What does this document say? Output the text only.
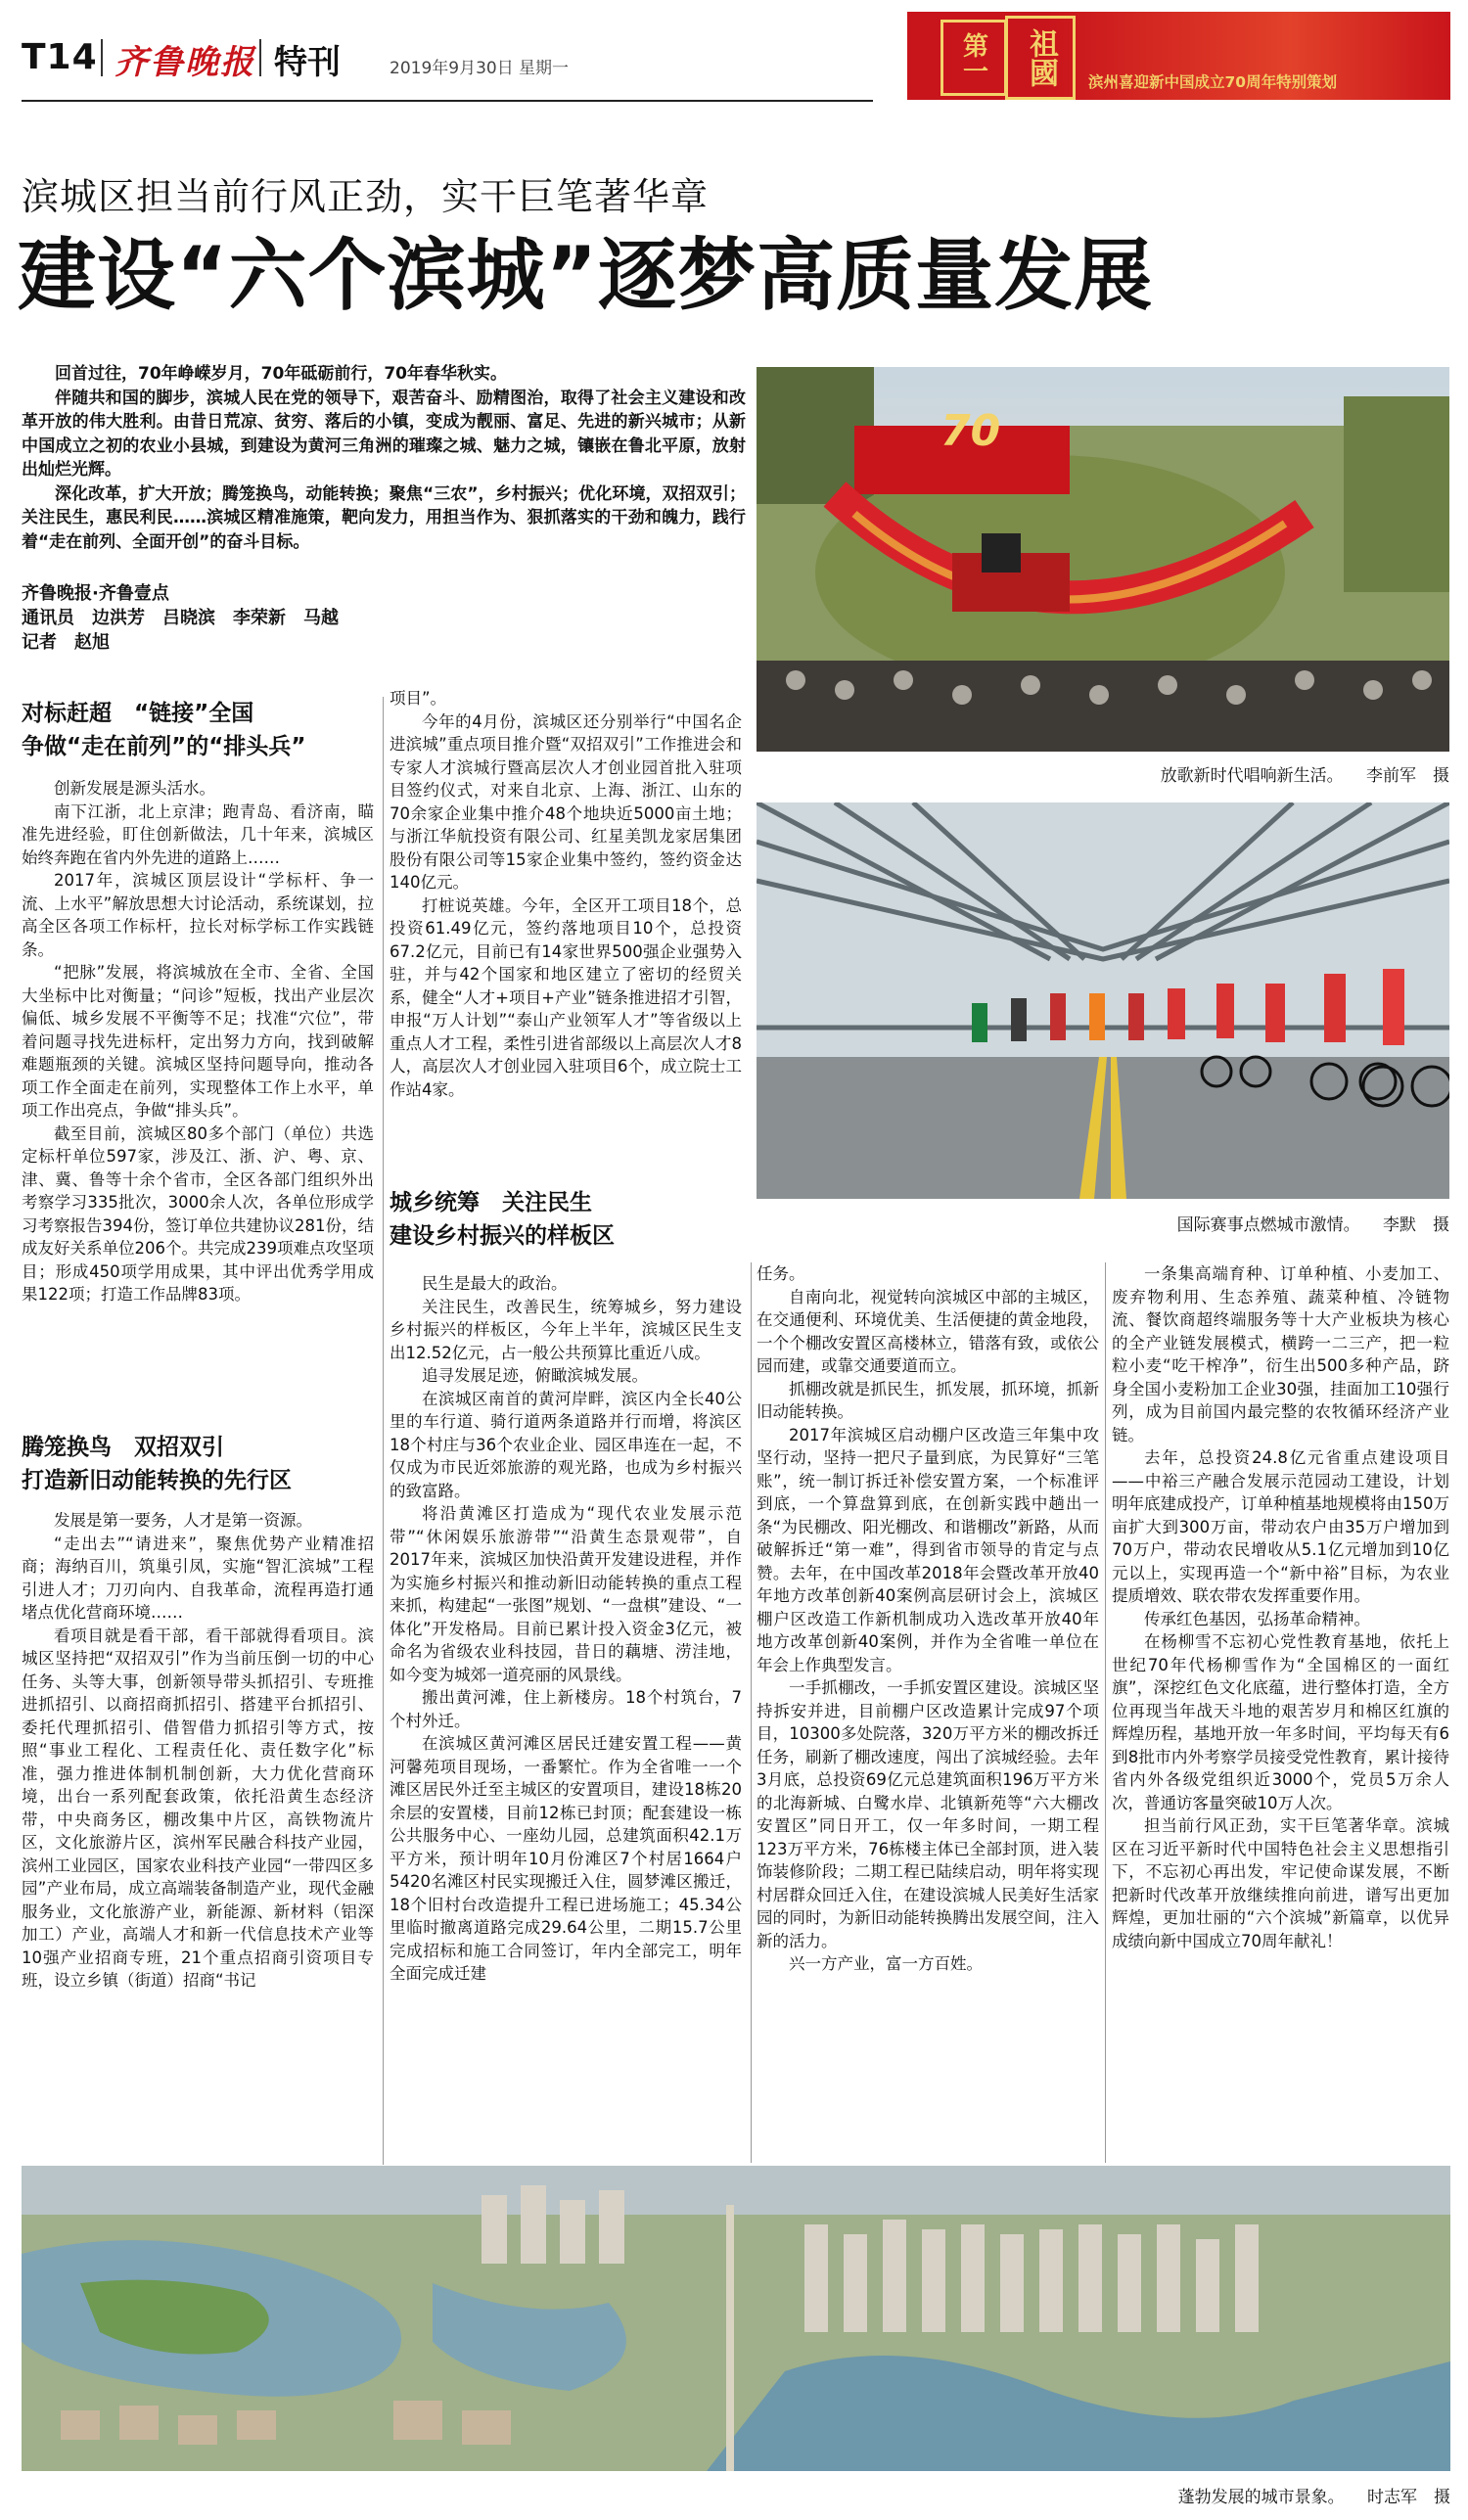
T14 齐鲁晚报 特刊	2019年9月30日 星期一	第一 祖國 滨州喜迎新中国成立70周年特别策划
滨城区担当前行风正劲，实干巨笔著华章
建设“六个滨城”逐梦高质量发展

回首过往，70年峥嵘岁月，70年砥砺前行，70年春华秋实。

伴随共和国的脚步，滨城人民在党的领导下，艰苦奋斗、励精图治，取得了社会主义建设和改革开放的伟大胜利。由昔日荒凉、贫穷、落后的小镇，变成为靓丽、富足、先进的新兴城市；从新中国成立之初的农业小县城，到建设为黄河三角洲的璀璨之城、魅力之城，镶嵌在鲁北平原，放射出灿烂光辉。

深化改革，扩大开放；腾笼换鸟，动能转换；聚焦“三农”，乡村振兴；优化环境，双招双引；关注民生，惠民利民……滨城区精准施策，靶向发力，用担当作为、狠抓落实的干劲和魄力，践行着“走在前列、全面开创”的奋斗目标。

齐鲁晚报·齐鲁壹点
通讯员　 边洪芳　吕晓滨　李荣新　马越
记者　 赵旭
70
放歌新时代唱响新生活。 李前军　摄
国际赛事点燃城市激情。 李默　摄
对标赶超　“链接”全国
争做“走在前列”的“排头兵”

创新发展是源头活水。

南下江浙，北上京津；跑青岛、看济南，瞄准先进经验，盯住创新做法，几十年来，滨城区始终奔跑在省内外先进的道路上……

2017年，滨城区顶层设计“学标杆、争一流、上水平”解放思想大讨论活动，系统谋划，拉高全区各项工作标杆，拉长对标学标工作实践链条。

“把脉”发展，将滨城放在全市、全省、全国大坐标中比对衡量；“问诊”短板，找出产业层次偏低、城乡发展不平衡等不足；找准“穴位”，带着问题寻找先进标杆，定出努力方向，找到破解难题瓶颈的关键。滨城区坚持问题导向，推动各项工作全面走在前列，实现整体工作上水平，单项工作出亮点，争做“排头兵”。

截至目前，滨城区80多个部门（单位）共选定标杆单位597家，涉及江、浙、沪、粤、京、津、冀、鲁等十余个省市，全区各部门组织外出考察学习335批次，3000余人次，各单位形成学习考察报告394份，签订单位共建协议281份，结成友好关系单位206个。共完成239项难点攻坚项目；形成450项学用成果，其中评出优秀学用成果122项；打造工作品牌83项。

腾笼换鸟　双招双引
打造新旧动能转换的先行区

发展是第一要务，人才是第一资源。

“走出去”“请进来”，聚焦优势产业精准招商；海纳百川，筑巢引凤，实施“智汇滨城”工程引进人才；刀刃向内、自我革命，流程再造打通堵点优化营商环境……

看项目就是看干部，看干部就得看项目。滨城区坚持把“双招双引”作为当前压倒一切的中心任务、头等大事，创新领导带头抓招引、专班推进抓招引、以商招商抓招引、搭建平台抓招引、委托代理抓招引、借智借力抓招引等方式，按照“事业工程化、工程责任化、责任数字化”标准，强力推进体制机制创新，大力优化营商环境，出台一系列配套政策，依托沿黄生态经济带，中央商务区，棚改集中片区，高铁物流片区，文化旅游片区，滨州军民融合科技产业园，滨州工业园区，国家农业科技产业园“一带四区多园”产业布局，成立高端装备制造产业，现代金融服务业，文化旅游产业，新能源、新材料（铝深加工）产业，高端人才和新一代信息技术产业等10强产业招商专班，21个重点招商引资项目专班，设立乡镇（街道）招商“书记

项目”。

今年的4月份，滨城区还分别举行“中国名企进滨城”重点项目推介暨“双招双引”工作推进会和专家人才滨城行暨高层次人才创业园首批入驻项目签约仪式，对来自北京、上海、浙江、山东的70余家企业集中推介48个地块近5000亩土地；与浙江华航投资有限公司、红星美凯龙家居集团股份有限公司等15家企业集中签约，签约资金达140亿元。

打桩说英雄。今年，全区开工项目18个，总投资61.49亿元，签约落地项目10个，总投资67.2亿元，目前已有14家世界500强企业强势入驻，并与42个国家和地区建立了密切的经贸关系，健全“人才+项目+产业”链条推进招才引智，申报“万人计划”“泰山产业领军人才”等省级以上重点人才工程，柔性引进省部级以上高层次人才8人，高层次人才创业园入驻项目6个，成立院士工作站4家。

城乡统筹　关注民生
建设乡村振兴的样板区

民生是最大的政治。

关注民生，改善民生，统筹城乡，努力建设乡村振兴的样板区，今年上半年，滨城区民生支出12.52亿元，占一般公共预算比重近八成。

追寻发展足迹，俯瞰滨城发展。

在滨城区南首的黄河岸畔，滨区内全长40公里的车行道、骑行道两条道路并行而增，将滨区18个村庄与36个农业企业、园区串连在一起，不仅成为市民近郊旅游的观光路，也成为乡村振兴的致富路。

将沿黄滩区打造成为“现代农业发展示范带”“休闲娱乐旅游带”“沿黄生态景观带”，自2017年来，滨城区加快沿黄开发建设进程，并作为实施乡村振兴和推动新旧动能转换的重点工程来抓，构建起“一张图”规划、“一盘棋”建设、“一体化”开发格局。目前已累计投入资金3亿元，被命名为省级农业科技园，昔日的藕塘、涝洼地，如今变为城郊一道亮丽的风景线。

搬出黄河滩，住上新楼房。18个村筑台，7个村外迁。

在滨城区黄河滩区居民迁建安置工程——黄河馨苑项目现场，一番繁忙。作为全省唯一一个滩区居民外迁至主城区的安置项目，建设18栋20余层的安置楼，目前12栋已封顶；配套建设一栋公共服务中心、一座幼儿园，总建筑面积42.1万平方米，预计明年10月份滩区7个村居1664户5420名滩区村民实现搬迁入住，圆梦滩区搬迁，18个旧村台改造提升工程已进场施工；45.34公里临时撤离道路完成29.64公里，二期15.7公里完成招标和施工合同签订，年内全部完工，明年全面完成迁建

任务。

自南向北，视觉转向滨城区中部的主城区，在交通便利、环境优美、生活便捷的黄金地段，一个个棚改安置区高楼林立，错落有致，或依公园而建，或靠交通要道而立。

抓棚改就是抓民生，抓发展，抓环境，抓新旧动能转换。

2017年滨城区启动棚户区改造三年集中攻坚行动，坚持一把尺子量到底，为民算好“三笔账”，统一制订拆迁补偿安置方案，一个标准评到底，一个算盘算到底，在创新实践中趟出一条“为民棚改、阳光棚改、和谐棚改”新路，从而破解拆迁“第一难”，得到省市领导的肯定与点赞。去年，在中国改革2018年会暨改革开放40年地方改革创新40案例高层研讨会上，滨城区棚户区改造工作新机制成功入选改革开放40年地方改革创新40案例，并作为全省唯一单位在年会上作典型发言。

一手抓棚改，一手抓安置区建设。滨城区坚持拆安并进，目前棚户区改造累计完成97个项目，10300多处院落，320万平方米的棚改拆迁任务，刷新了棚改速度，闯出了滨城经验。去年3月底，总投资69亿元总建筑面积196万平方米的北海新城、白鹭水岸、北镇新苑等“六大棚改安置区”同日开工，仅一年多时间，一期工程123万平方米，76栋楼主体已全部封顶，进入装饰装修阶段；二期工程已陆续启动，明年将实现村居群众回迁入住，在建设滨城人民美好生活家园的同时，为新旧动能转换腾出发展空间，注入新的活力。

兴一方产业，富一方百姓。

一条集高端育种、订单种植、小麦加工、废弃物利用、生态养殖、蔬菜种植、冷链物流、餐饮商超终端服务等十大产业板块为核心的全产业链发展模式，横跨一二三产，把一粒粒小麦“吃干榨净”，衍生出500多种产品，跻身全国小麦粉加工企业30强，挂面加工10强行列，成为目前国内最完整的农牧循环经济产业链。

去年，总投资24.8亿元省重点建设项目——中裕三产融合发展示范园动工建设，计划明年底建成投产，订单种植基地规模将由150万亩扩大到300万亩，带动农户由35万户增加到70万户，带动农民增收从5.1亿元增加到10亿元以上，实现再造一个“新中裕”目标，为农业提质增效、联农带农发挥重要作用。

传承红色基因，弘扬革命精神。

在杨柳雪不忘初心党性教育基地，依托上世纪70年代杨柳雪作为“全国棉区的一面红旗”，深挖红色文化底蕴，进行整体打造，全方位再现当年战天斗地的艰苦岁月和棉区红旗的辉煌历程，基地开放一年多时间，平均每天有6到8批市内外考察学员接受党性教育，累计接待省内外各级党组织近3000个，党员5万余人次，普通访客量突破10万人次。

担当前行风正劲，实干巨笔著华章。滨城区在习近平新时代中国特色社会主义思想指引下，不忘初心再出发，牢记使命谋发展，不断把新时代改革开放继续推向前进，谱写出更加辉煌，更加壮丽的“六个滨城”新篇章，以优异成绩向新中国成立70周年献礼！

蓬勃发展的城市景象。 时志军　摄
